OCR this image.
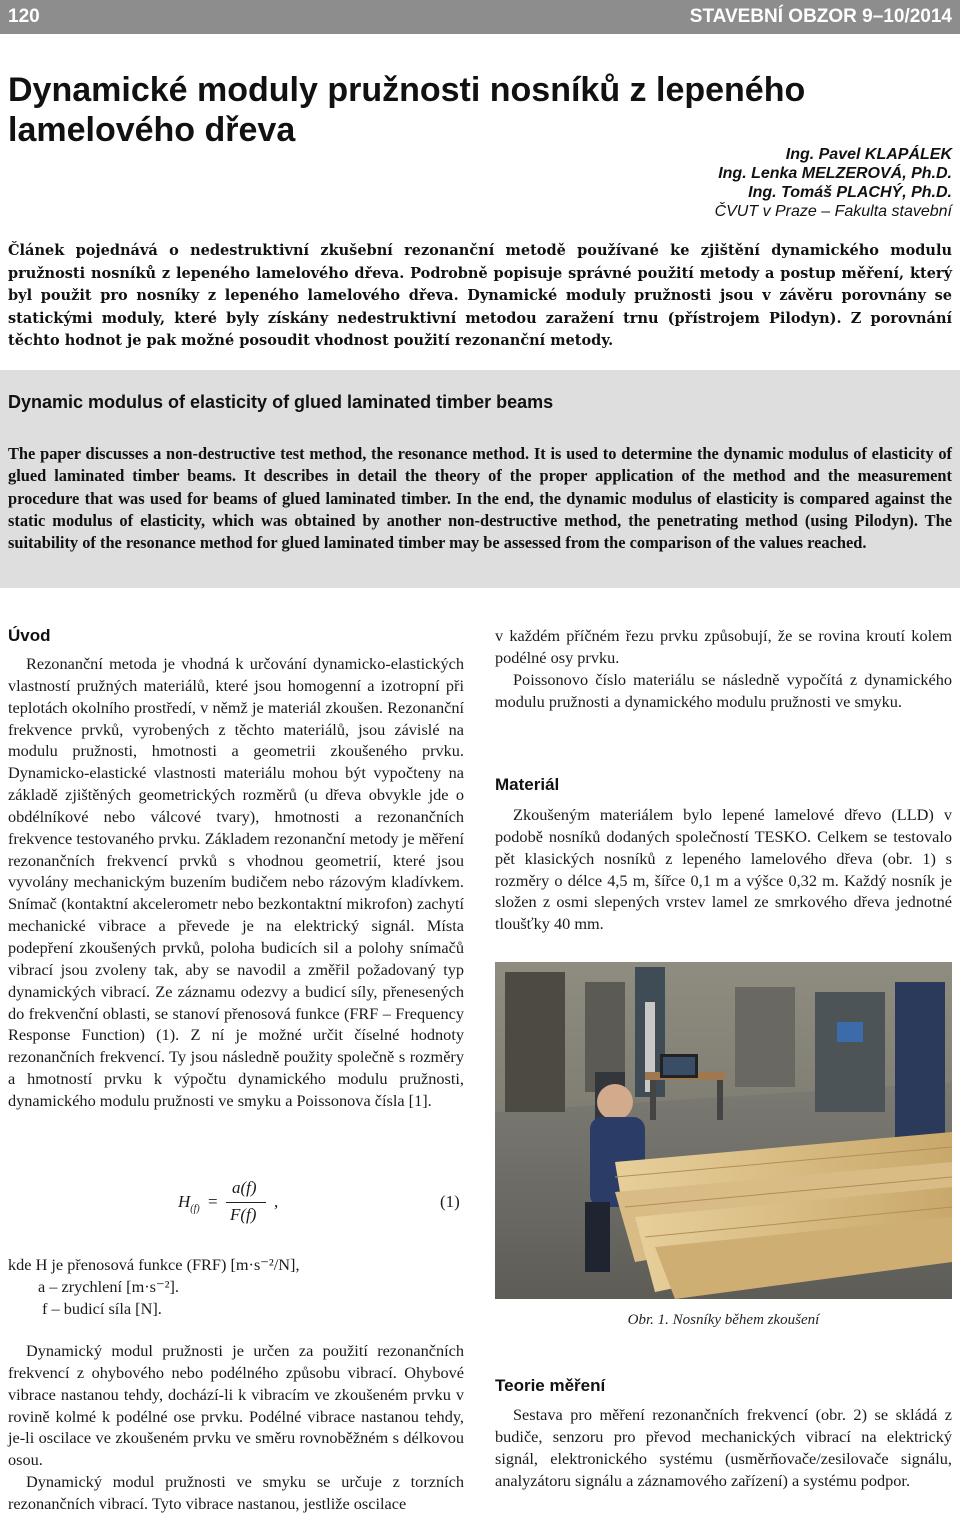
120	STAVEBNÍ OBZOR 9–10/2014
Dynamické moduly pružnosti nosníků z lepeného lamelového dřeva
Ing. Pavel KLAPÁLEK
Ing. Lenka MELZEROVÁ, Ph.D.
Ing. Tomáš PLACHÝ, Ph.D.
ČVUT v Praze – Fakulta stavební
Článek pojednává o nedestruktivní zkušební rezonanční metodě používané ke zjištění dynamického modulu pružnosti nosníků z lepeného lamelového dřeva. Podrobně popisuje správné použití metody a postup měření, který byl použit pro nosníky z lepeného lamelového dřeva. Dynamické moduly pružnosti jsou v závěru porovnány se statickými moduly, které byly získány nedestruktivní metodou zaražení trnu (přístrojem Pilodyn). Z porovnání těchto hodnot je pak možné posoudit vhodnost použití rezonanční metody.
Dynamic modulus of elasticity of glued laminated timber beams
The paper discusses a non-destructive test method, the resonance method. It is used to determine the dynamic modulus of elasticity of glued laminated timber beams. It describes in detail the theory of the proper application of the method and the measurement procedure that was used for beams of glued laminated timber. In the end, the dynamic modulus of elasticity is compared against the static modulus of elasticity, which was obtained by another non-destructive method, the penetrating method (using Pilodyn). The suitability of the resonance method for glued laminated timber may be assessed from the comparison of the values reached.
Úvod

Rezonanční metoda je vhodná k určování dynamicko-elastických vlastností pružných materiálů, které jsou homogenní a izotropní při teplotách okolního prostředí, v němž je materiál zkoušen. Rezonanční frekvence prvků, vyrobených z těchto materiálů, jsou závislé na modulu pružnosti, hmotnosti a geometrii zkoušeného prvku. Dynamicko-elastické vlastnosti materiálu mohou být vypočteny na základě zjištěných geometrických rozměrů (u dřeva obvykle jde o obdélníkové nebo válcové tvary), hmotnosti a rezonančních frekvence testovaného prvku. Základem rezonanční metody je měření rezonančních frekvencí prvků s vhodnou geometrií, které jsou vyvolány mechanickým buzením budičem nebo rázovým kladívkem. Snímač (kontaktní akcelerometr nebo bezkontaktní mikrofon) zachytí mechanické vibrace a převede je na elektrický signál. Místa podepření zkoušených prvků, poloha budicích sil a polohy snímačů vibrací jsou zvoleny tak, aby se navodil a změřil požadovaný typ dynamických vibrací. Ze záznamu odezvy a budicí síly, přenesených do frekvenční oblasti, se stanoví přenosová funkce (FRF – Frequency Response Function) (1). Z ní je možné určit číselné hodnoty rezonančních frekvencí. Ty jsou následně použity společně s rozměry a hmotností prvku k výpočtu dynamického modulu pružnosti, dynamického modulu pružnosti ve smyku a Poissonova čísla [1].

$H_{(f)}$ =
a(f)
F(f)
,	(1)

kde H je přenosová funkce (FRF) [m·s⁻²/N],

a – zrychlení [m·s⁻²].

f – budicí síla [N].

Dynamický modul pružnosti je určen za použití rezonančních frekvencí z ohybového nebo podélného způsobu vibrací. Ohybové vibrace nastanou tehdy, dochází-li k vibracím ve zkoušeném prvku v rovině kolmé k podélné ose prvku. Podélné vibrace nastanou tehdy, je-li oscilace ve zkoušeném prvku ve směru rovnoběžném s délkovou osou.

Dynamický modul pružnosti ve smyku se určuje z torzních rezonančních vibrací. Tyto vibrace nastanou, jestliže oscilace

v každém příčném řezu prvku způsobují, že se rovina kroutí kolem podélné osy prvku.

Poissonovo číslo materiálu se následně vypočítá z dynamického modulu pružnosti a dynamického modulu pružnosti ve smyku.

Materiál

Zkoušeným materiálem bylo lepené lamelové dřevo (LLD) v podobě nosníků dodaných společností TESKO. Celkem se testovalo pět klasických nosníků z lepeného lamelového dřeva (obr. 1) s rozměry o délce 4,5 m, šířce 0,1 m a výšce 0,32 m. Každý nosník je složen z osmi slepených vrstev lamel ze smrkového dřeva jednotné tloušťky 40 mm.

Obr. 1. Nosníky během zkoušení
Teorie měření

Sestava pro měření rezonančních frekvencí (obr. 2) se skládá z budiče, senzoru pro převod mechanických vibrací na elektrický signál, elektronického systému (usměrňovače/zesilovače signálu, analyzátoru signálu a záznamového zařízení) a systému podpor.
